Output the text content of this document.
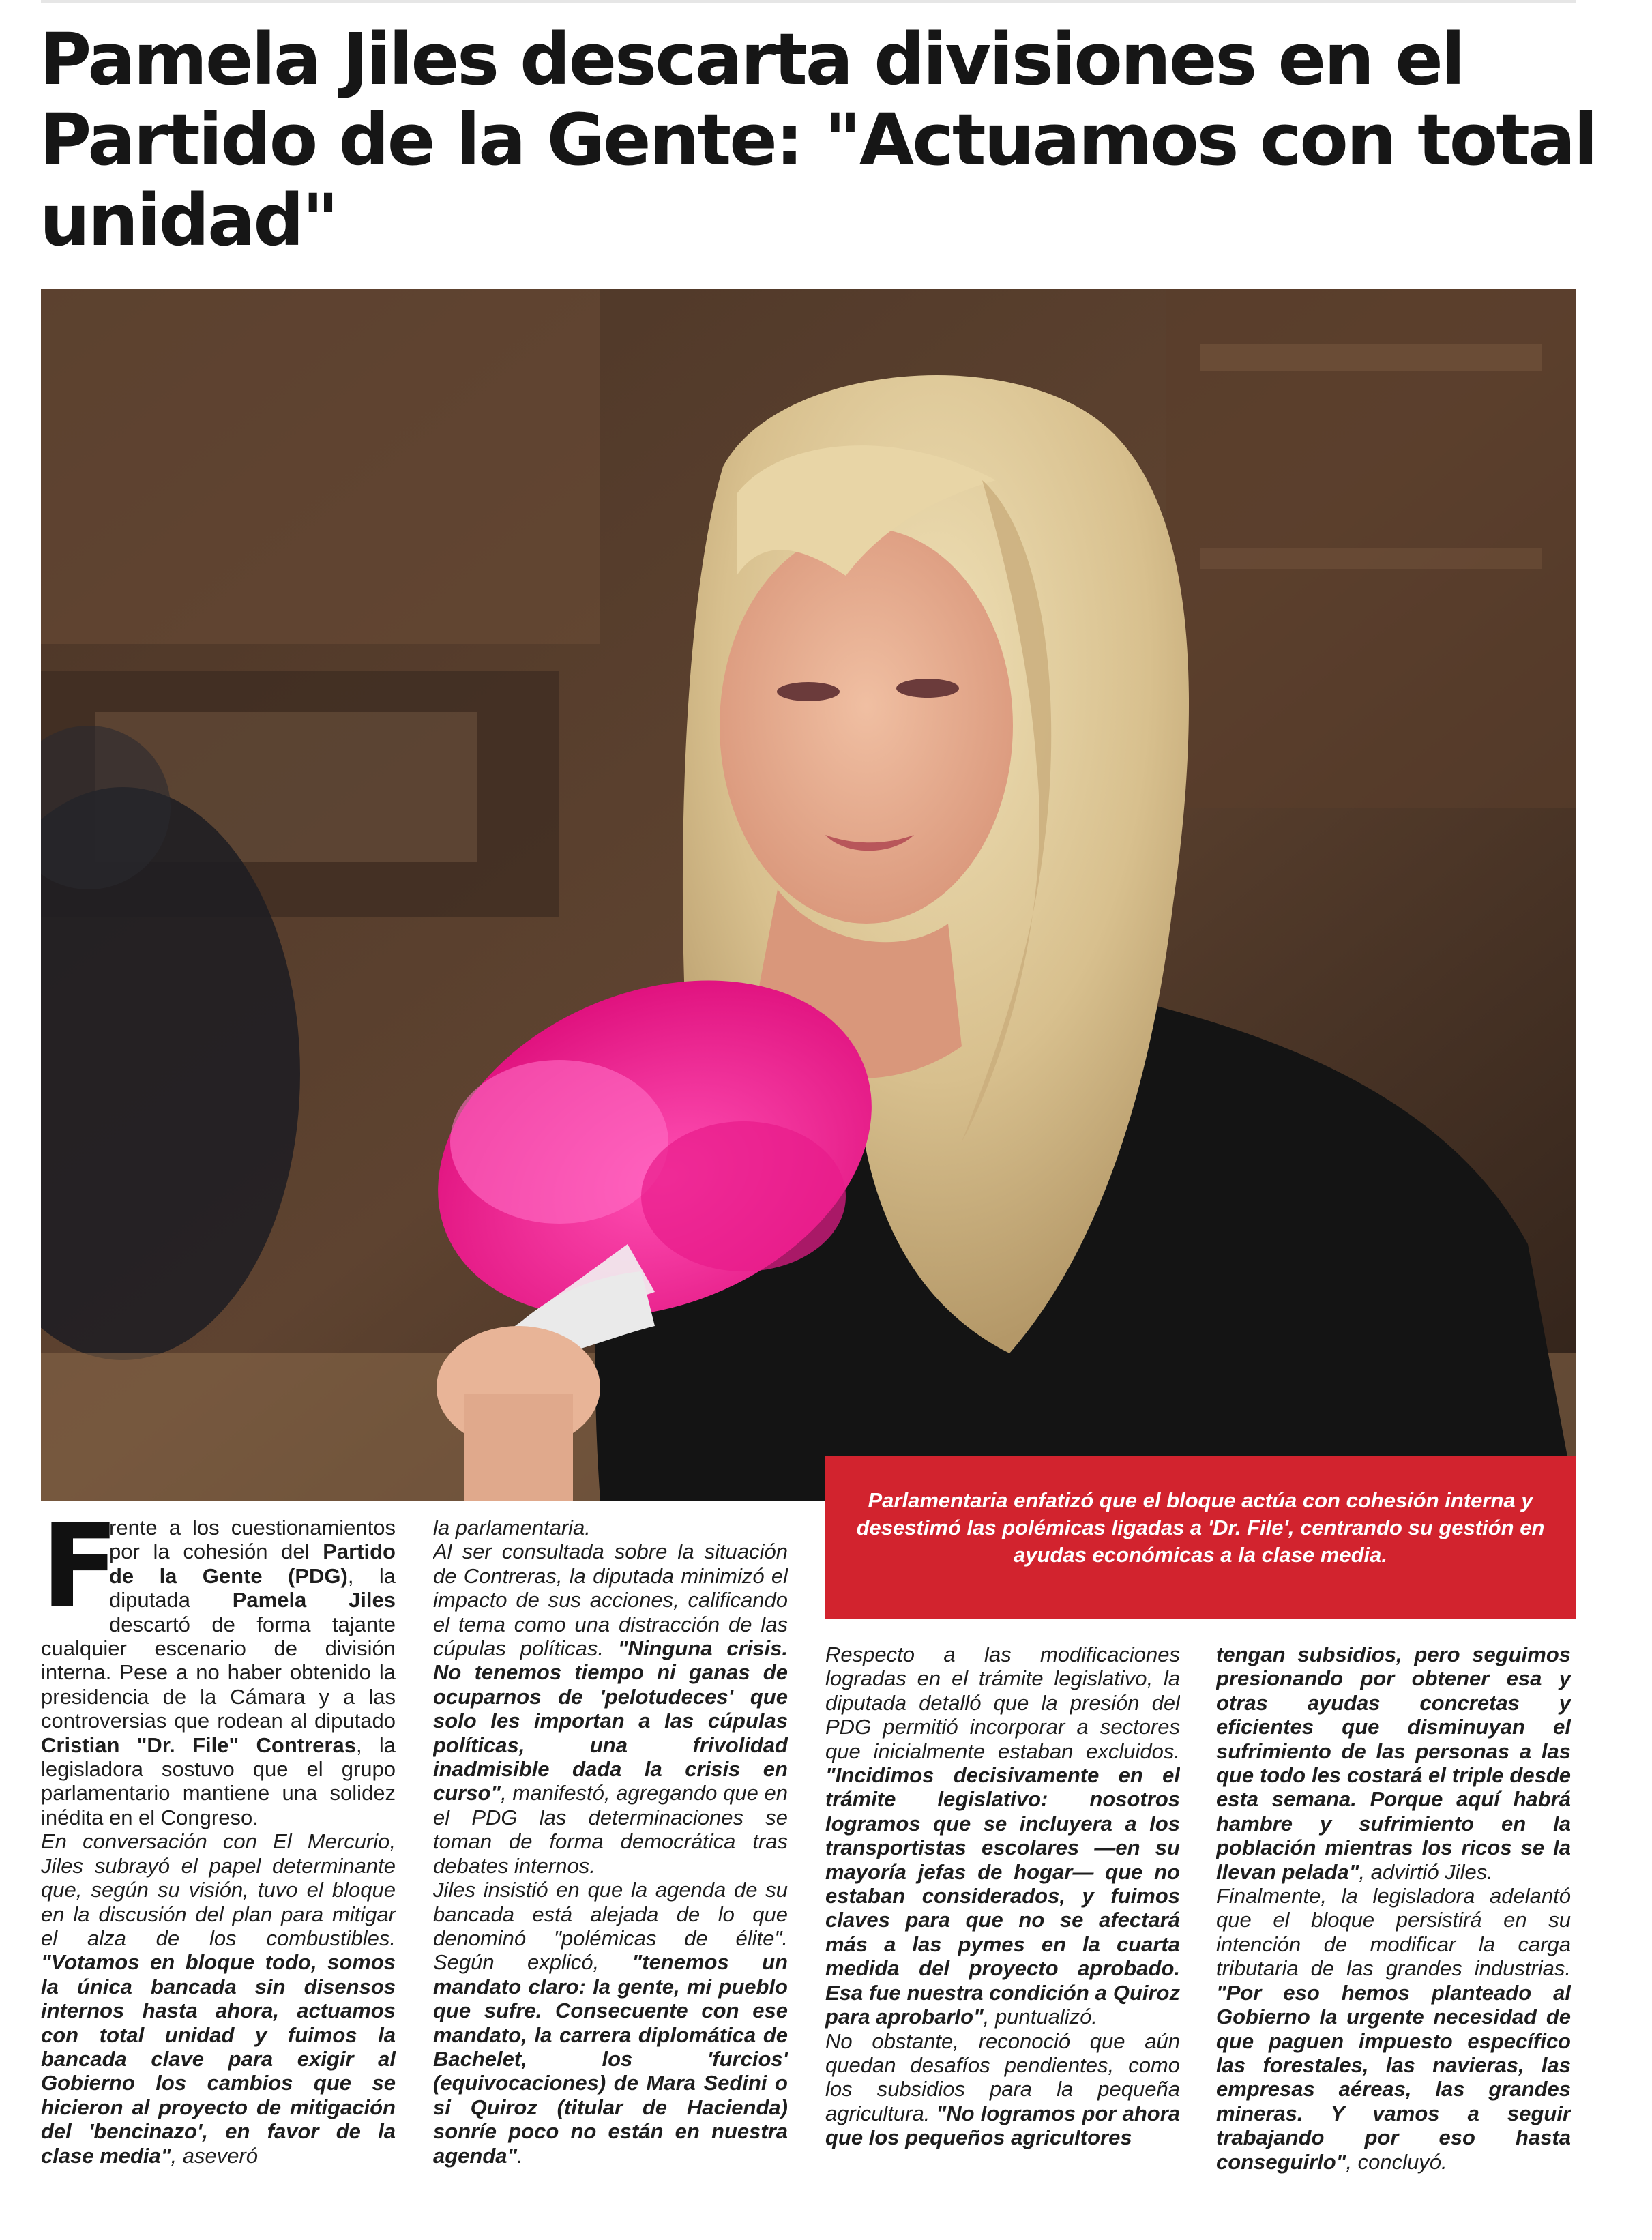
Pamela Jiles descarta divisiones en el Partido de la Gente: "Actuamos con total unidad"

Parlamentaria enfatizó que el bloque actúa con cohesión interna y desestimó las polémicas ligadas a 'Dr. File', centrando su gestión en ayudas económicas a la clase media.

F

rente a los cuestionamientos por la cohesión del Partido de la Gente (PDG), la diputada Pamela Jiles descartó de forma tajante cualquier escenario de división interna. Pese a no haber obtenido la presidencia de la Cámara y a las controversias que rodean al diputado Cristian "Dr. File" Contreras, la legisladora sostuvo que el grupo parlamentario mantiene una solidez inédita en el Congreso.

En conversación con El Mercurio, Jiles subrayó el papel determinante que, según su visión, tuvo el bloque en la discusión del plan para mitigar el alza de los combustibles. "Votamos en bloque todo, somos la única bancada sin disensos internos hasta ahora, actuamos con total unidad y fuimos la bancada clave para exigir al Gobierno los cambios que se hicieron al proyecto de mitigación del 'bencinazo', en favor de la clase media", aseveró

la parlamentaria.

Al ser consultada sobre la situación de Contreras, la diputada minimizó el impacto de sus acciones, calificando el tema como una distracción de las cúpulas políticas. "Ninguna crisis. No tenemos tiempo ni ganas de ocuparnos de 'pelotudeces' que solo les importan a las cúpulas políticas, una frivolidad inadmisible dada la crisis en curso", manifestó, agregando que en el PDG las determinaciones se toman de forma democrática tras debates internos.

Jiles insistió en que la agenda de su bancada está alejada de lo que denominó "polémicas de élite". Según explicó, "tenemos un mandato claro: la gente, mi pueblo que sufre. Consecuente con ese mandato, la carrera diplomática de Bachelet, los 'furcios' (equivocaciones) de Mara Sedini o si Quiroz (titular de Hacienda) sonríe poco no están en nuestra agenda".

Respecto a las modificaciones logradas en el trámite legislativo, la diputada detalló que la presión del PDG permitió incorporar a sectores que inicialmente estaban excluidos. "Incidimos decisivamente en el trámite legislativo: nosotros logramos que se incluyera a los transportistas escolares —en su mayoría jefas de hogar— que no estaban considerados, y fuimos claves para que no se afectará más a las pymes en la cuarta medida del proyecto aprobado. Esa fue nuestra condición a Quiroz para aprobarlo", puntualizó.

No obstante, reconoció que aún quedan desafíos pendientes, como los subsidios para la pequeña agricultura. "No logramos por ahora que los pequeños agricultores

tengan subsidios, pero seguimos presionando por obtener esa y otras ayudas concretas y eficientes que disminuyan el sufrimiento de las personas a las que todo les costará el triple desde esta semana. Porque aquí habrá hambre y sufrimiento en la población mientras los ricos se la llevan pelada", advirtió Jiles.

Finalmente, la legisladora adelantó que el bloque persistirá en su intención de modificar la carga tributaria de las grandes industrias. "Por eso hemos planteado al Gobierno la urgente necesidad de que paguen impuesto específico las forestales, las navieras, las empresas aéreas, las grandes mineras. Y vamos a seguir trabajando por eso hasta conseguirlo", concluyó.
